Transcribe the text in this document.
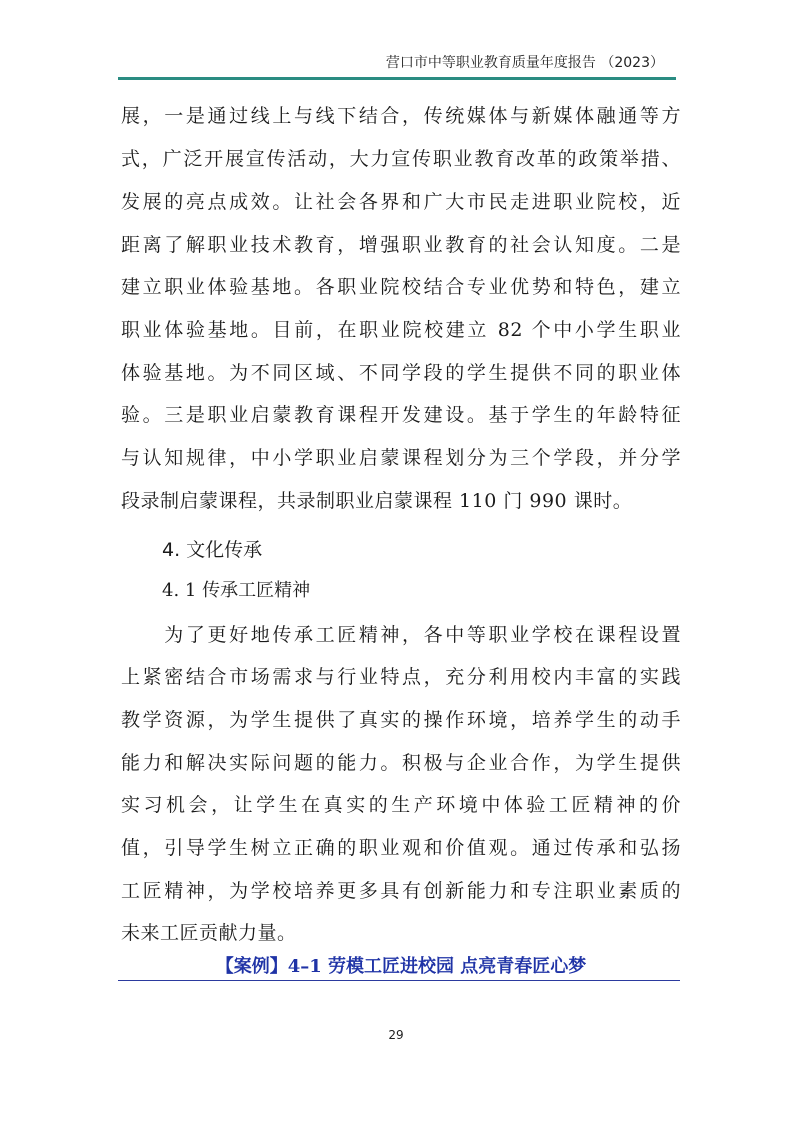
营口市中等职业教育质量年度报告 （2023）
展，一是通过线上与线下结合，传统媒体与新媒体融通等方
式，广泛开展宣传活动，大力宣传职业教育改革的政策举措、
发展的亮点成效。让社会各界和广大市民走进职业院校，近
距离了解职业技术教育，增强职业教育的社会认知度。二是
建立职业体验基地。各职业院校结合专业优势和特色，建立
职业体验基地。目前，在职业院校建立 82 个中小学生职业
体验基地。为不同区域、不同学段的学生提供不同的职业体
验。三是职业启蒙教育课程开发建设。基于学生的年龄特征
与认知规律，中小学职业启蒙课程划分为三个学段，并分学
段录制启蒙课程，共录制职业启蒙课程 110 门 990 课时。
4. 文化传承
4. 1 传承工匠精神
　　为了更好地传承工匠精神，各中等职业学校在课程设置
上紧密结合市场需求与行业特点，充分利用校内丰富的实践
教学资源，为学生提供了真实的操作环境，培养学生的动手
能力和解决实际问题的能力。积极与企业合作，为学生提供
实习机会，让学生在真实的生产环境中体验工匠精神的价
值，引导学生树立正确的职业观和价值观。通过传承和弘扬
工匠精神，为学校培养更多具有创新能力和专注职业素质的
未来工匠贡献力量。
【案例】4–1 劳模工匠进校园 点亮青春匠心梦
29
